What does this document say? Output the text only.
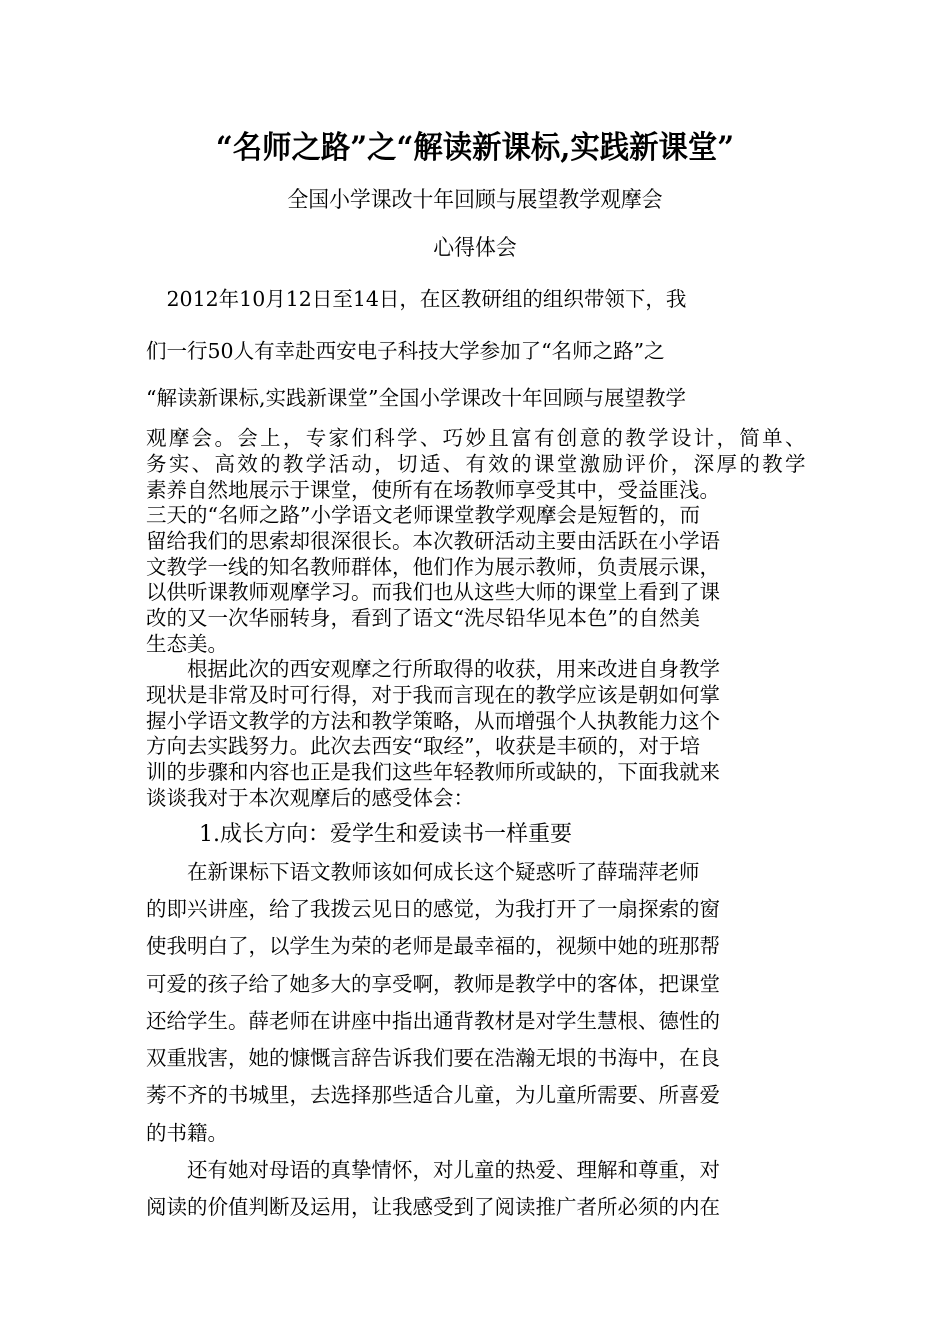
“名师之路”之“解读新课标,实践新课堂”
全国小学课改十年回顾与展望教学观摩会
心得体会
　2012年10月12日至14日，在区教研组的组织带领下，我
们一行50人有幸赴西安电子科技大学参加了“名师之路”之
“解读新课标,实践新课堂”全国小学课改十年回顾与展望教学
观摩会。会上，专家们科学、巧妙且富有创意的教学设计，简单、
务实、高效的教学活动，切适、有效的课堂激励评价，深厚的教学
素养自然地展示于课堂，使所有在场教师享受其中，受益匪浅。
三天的“名师之路”小学语文老师课堂教学观摩会是短暂的，而
留给我们的思索却很深很长。本次教研活动主要由活跃在小学语
文教学一线的知名教师群体，他们作为展示教师，负责展示课，
以供听课教师观摩学习。而我们也从这些大师的课堂上看到了课
改的又一次华丽转身，看到了语文“洗尽铅华见本色”的自然美
生态美。
　　根据此次的西安观摩之行所取得的收获，用来改进自身教学
现状是非常及时可行得，对于我而言现在的教学应该是朝如何掌
握小学语文教学的方法和教学策略，从而增强个人执教能力这个
方向去实践努力。此次去西安“取经”，收获是丰硕的，对于培
训的步骤和内容也正是我们这些年轻教师所或缺的，下面我就来
谈谈我对于本次观摩后的感受体会：
1.成长方向：爱学生和爱读书一样重要
　　在新课标下语文教师该如何成长这个疑惑听了薛瑞萍老师
的即兴讲座，给了我拨云见日的感觉，为我打开了一扇探索的窗
使我明白了，以学生为荣的老师是最幸福的，视频中她的班那帮
可爱的孩子给了她多大的享受啊，教师是教学中的客体，把课堂
还给学生。薛老师在讲座中指出通背教材是对学生慧根、德性的
双重戕害，她的慷慨言辞告诉我们要在浩瀚无垠的书海中，在良
莠不齐的书城里，去选择那些适合儿童，为儿童所需要、所喜爱
的书籍。
　　还有她对母语的真挚情怀，对儿童的热爱、理解和尊重，对
阅读的价值判断及运用，让我感受到了阅读推广者所必须的内在
